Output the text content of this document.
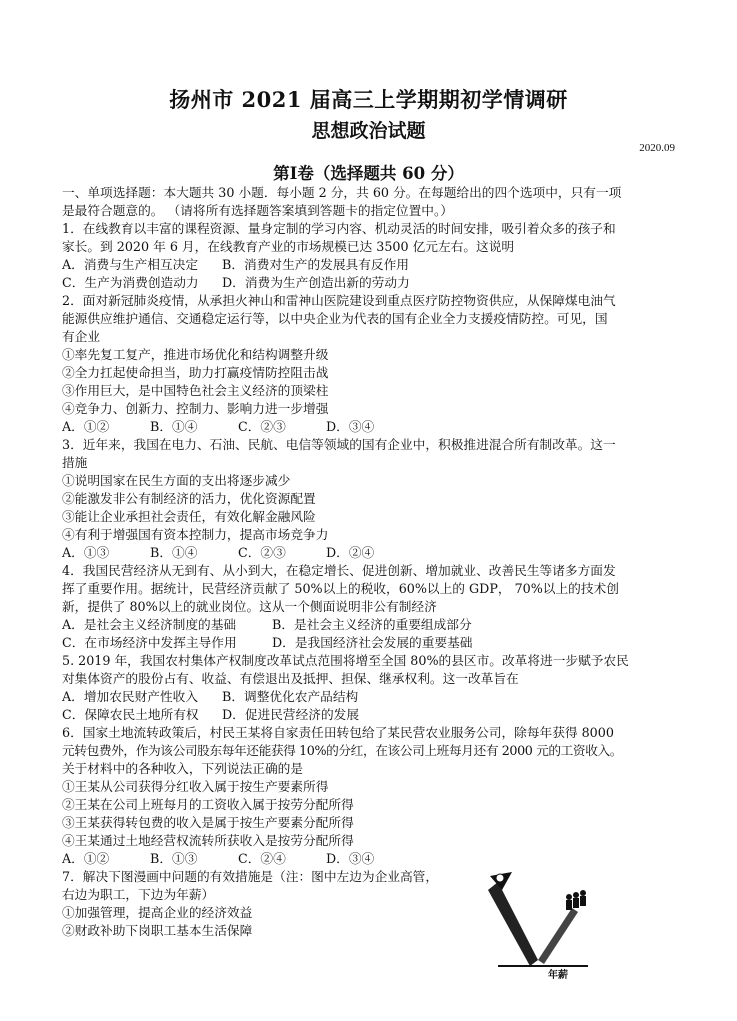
扬州市 2021 届高三上学期期初学情调研
思想政治试题
2020.09
第Ⅰ卷（选择题共 60 分）

一、单项选择题：本大题共 30 小题．每小题 2 分，共 60 分。在每题给出的四个选项中，只有一项

是最符合题意的。 （请将所有选择题答案填到答题卡的指定位置中。）

1．在线教育以丰富的课程资源、量身定制的学习内容、机动灵活的时间安排，吸引着众多的孩子和

家长。到 2020 年 6 月，在线教育产业的市场规模已达 3500 亿元左右。这说明

A．消费与生产相互决定 B．消费对生产的发展具有反作用

C．生产为消费创造动力 D．消费为生产创造出新的劳动力

2．面对新冠肺炎疫情，从承担火神山和雷神山医院建设到重点医疗防控物资供应，从保障煤电油气

能源供应维护通信、交通稳定运行等，以中央企业为代表的国有企业全力支援疫情防控。可见，国

有企业

①率先复工复产，推进市场优化和结构调整升级

②全力扛起使命担当，助力打赢疫情防控阻击战

③作用巨大，是中国特色社会主义经济的顶梁柱

④竞争力、创新力、控制力、影响力进一步增强

A．①②	B．①④	C．②③	D．③④

3．近年来，我国在电力、石油、民航、电信等领域的国有企业中，积极推进混合所有制改革。这一

措施

①说明国家在民生方面的支出将逐步减少

②能激发非公有制经济的活力，优化资源配置

③能让企业承担社会责任，有效化解金融风险

④有利于增强国有资本控制力，提高市场竞争力

A．①③	B．①④	C．②③	D．②④

4．我国民营经济从无到有、从小到大，在稳定增长、促进创新、增加就业、改善民生等诸多方面发

挥了重要作用。据统计，民营经济贡献了 50%以上的税收，60%以上的 GDP， 70%以上的技术创

新，提供了 80%以上的就业岗位。这从一个侧面说明非公有制经济

A．是社会主义经济制度的基础	B．是社会主义经济的重要组成部分

C．在市场经济中发挥主导作用	D．是我国经济社会发展的重要基础

5. 2019 年，我国农村集体产权制度改革试点范围将增至全国 80%的县区市。改革将进一步赋予农民

对集体资产的股份占有、收益、有偿退出及抵押、担保、继承权利。这一改革旨在

A．增加农民财产性收入 B．调整优化农产品结构

C．保障农民土地所有权 D．促进民营经济的发展

6．国家土地流转政策后，村民王某将自家责任田转包给了某民营农业服务公司，除每年获得 8000

元转包费外，作为该公司股东每年还能获得 10%的分红，在该公司上班每月还有 2000 元的工资收入。

关于材料中的各种收入，下列说法正确的是

①王某从公司获得分红收入属于按生产要素所得

②王某在公司上班每月的工资收入属于按劳分配所得

③王某获得转包费的收入是属于按生产要素分配所得

④王某通过土地经营权流转所获收入是按劳分配所得

A．①②	B．①③	C．②④	D．③④

7．解决下图漫画中问题的有效措施是（注：图中左边为企业高管，

右边为职工，下边为年薪）

①加强管理，提高企业的经济效益

②财政补助下岗职工基本生活保障

年薪
